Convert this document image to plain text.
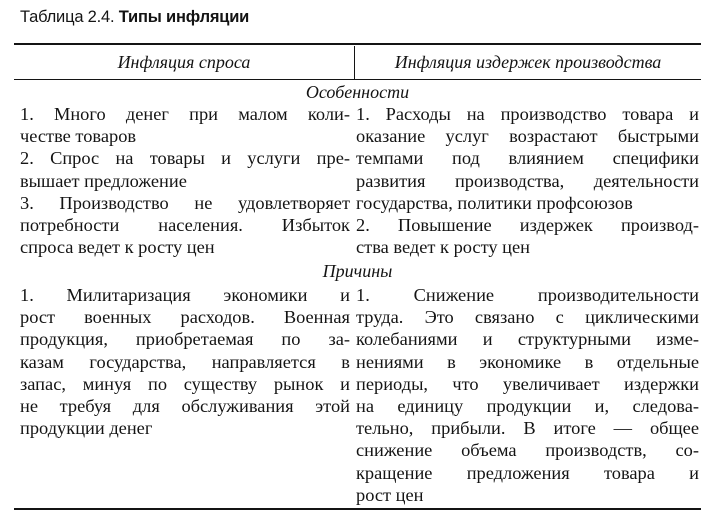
Таблица 2.4. Типы инфляции
Инфляция спроса	Инфляция издержек производства
Особенности

1. Много денег при малом коли-
честве товаров
2. Спрос на товары и услуги пре-
вышает предложение
3. Производство не удовлетворяет
потребности населения. Избыток
спроса ведет к росту цен

1. Расходы на производство товара и
оказание услуг возрастают быстрыми
темпами под влиянием специфики
развития производства, деятельности
государства, политики профсоюзов
2. Повышение издержек производ-
ства ведет к росту цен

Причины

1. Милитаризация экономики и
рост военных расходов. Военная
продукция, приобретаемая по за-
казам государства, направляется в
запас, минуя по существу рынок и
не требуя для обслуживания этой
продукции денег

1. Снижение производительности
труда. Это связано с циклическими
колебаниями и структурными изме-
нениями в экономике в отдельные
периоды, что увеличивает издержки
на единицу продукции и, следова-
тельно, прибыли. В итоге — общее
снижение объема производств, со-
кращение предложения товара и
рост цен
